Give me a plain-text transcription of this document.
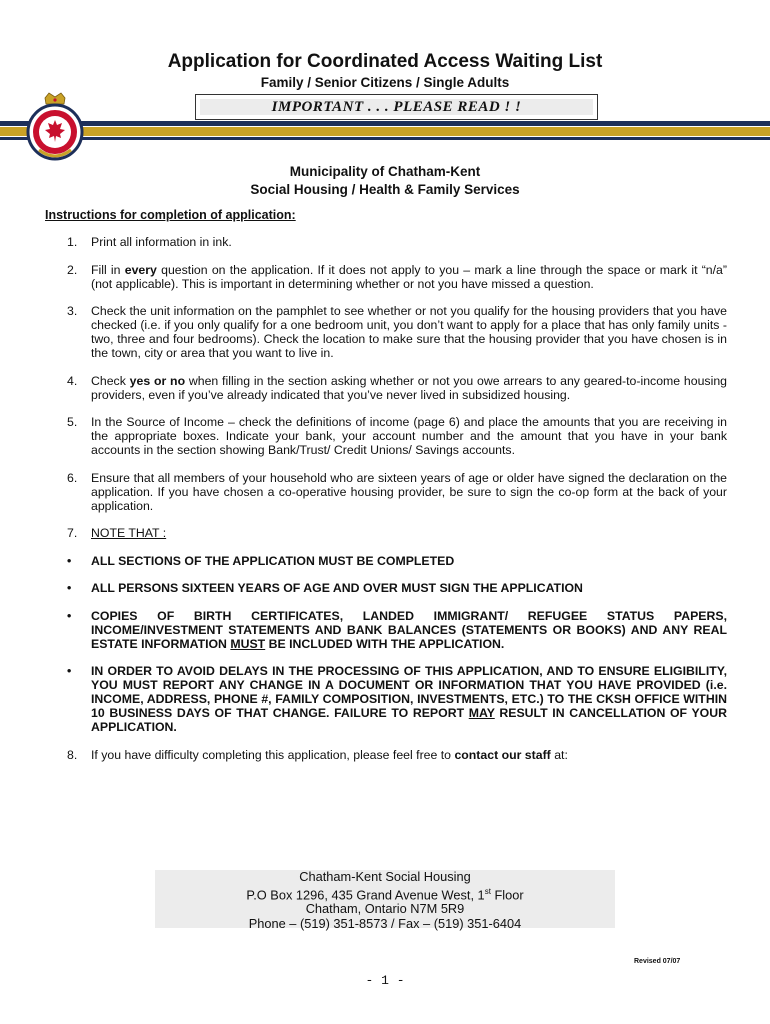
Application for Coordinated Access Waiting List
Family / Senior Citizens / Single Adults
IMPORTANT . . . PLEASE READ ! !
Municipality of Chatham-Kent
Social Housing / Health & Family Services
Instructions for completion of application:
1.	Print all information in ink.
2.	Fill in every question on the application. If it does not apply to you – mark a line through the space or mark it “n/a” (not applicable). This is important in determining whether or not you have missed a question.
3.	Check the unit information on the pamphlet to see whether or not you qualify for the housing providers that you have checked (i.e. if you only qualify for a one bedroom unit, you don’t want to apply for a place that has only family units - two, three and four bedrooms). Check the location to make sure that the housing provider that you have chosen is in the town, city or area that you want to live in.
4.	Check yes or no when filling in the section asking whether or not you owe arrears to any geared-to-income housing providers, even if you’ve already indicated that you’ve never lived in subsidized housing.
5.	In the Source of Income – check the definitions of income (page 6) and place the amounts that you are receiving in the appropriate boxes. Indicate your bank, your account number and the amount that you have in your bank accounts in the section showing Bank/Trust/ Credit Unions/ Savings accounts.
6.	Ensure that all members of your household who are sixteen years of age or older have signed the declaration on the application. If you have chosen a co-operative housing provider, be sure to sign the co-op form at the back of your application.
7.	NOTE THAT :
•	ALL SECTIONS OF THE APPLICATION MUST BE COMPLETED
•	ALL PERSONS SIXTEEN YEARS OF AGE AND OVER MUST SIGN THE APPLICATION
•	COPIES OF BIRTH CERTIFICATES, LANDED IMMIGRANT/ REFUGEE STATUS PAPERS, INCOME/INVESTMENT STATEMENTS AND BANK BALANCES (STATEMENTS OR BOOKS) AND ANY REAL ESTATE INFORMATION MUST BE INCLUDED WITH THE APPLICATION.
•	IN ORDER TO AVOID DELAYS IN THE PROCESSING OF THIS APPLICATION, AND TO ENSURE ELIGIBILITY, YOU MUST REPORT ANY CHANGE IN A DOCUMENT OR INFORMATION THAT YOU HAVE PROVIDED (i.e. INCOME, ADDRESS, PHONE #, FAMILY COMPOSITION, INVESTMENTS, ETC.) TO THE CKSH OFFICE WITHIN 10 BUSINESS DAYS OF THAT CHANGE. FAILURE TO REPORT MAY RESULT IN CANCELLATION OF YOUR APPLICATION.
8.	If you have difficulty completing this application, please feel free to contact our staff at:
Chatham-Kent Social Housing
P.O Box 1296, 435 Grand Avenue West, 1st Floor
Chatham, Ontario N7M 5R9
Phone – (519) 351-8573 / Fax – (519) 351-6404
Revised 07/07
- 1 -
